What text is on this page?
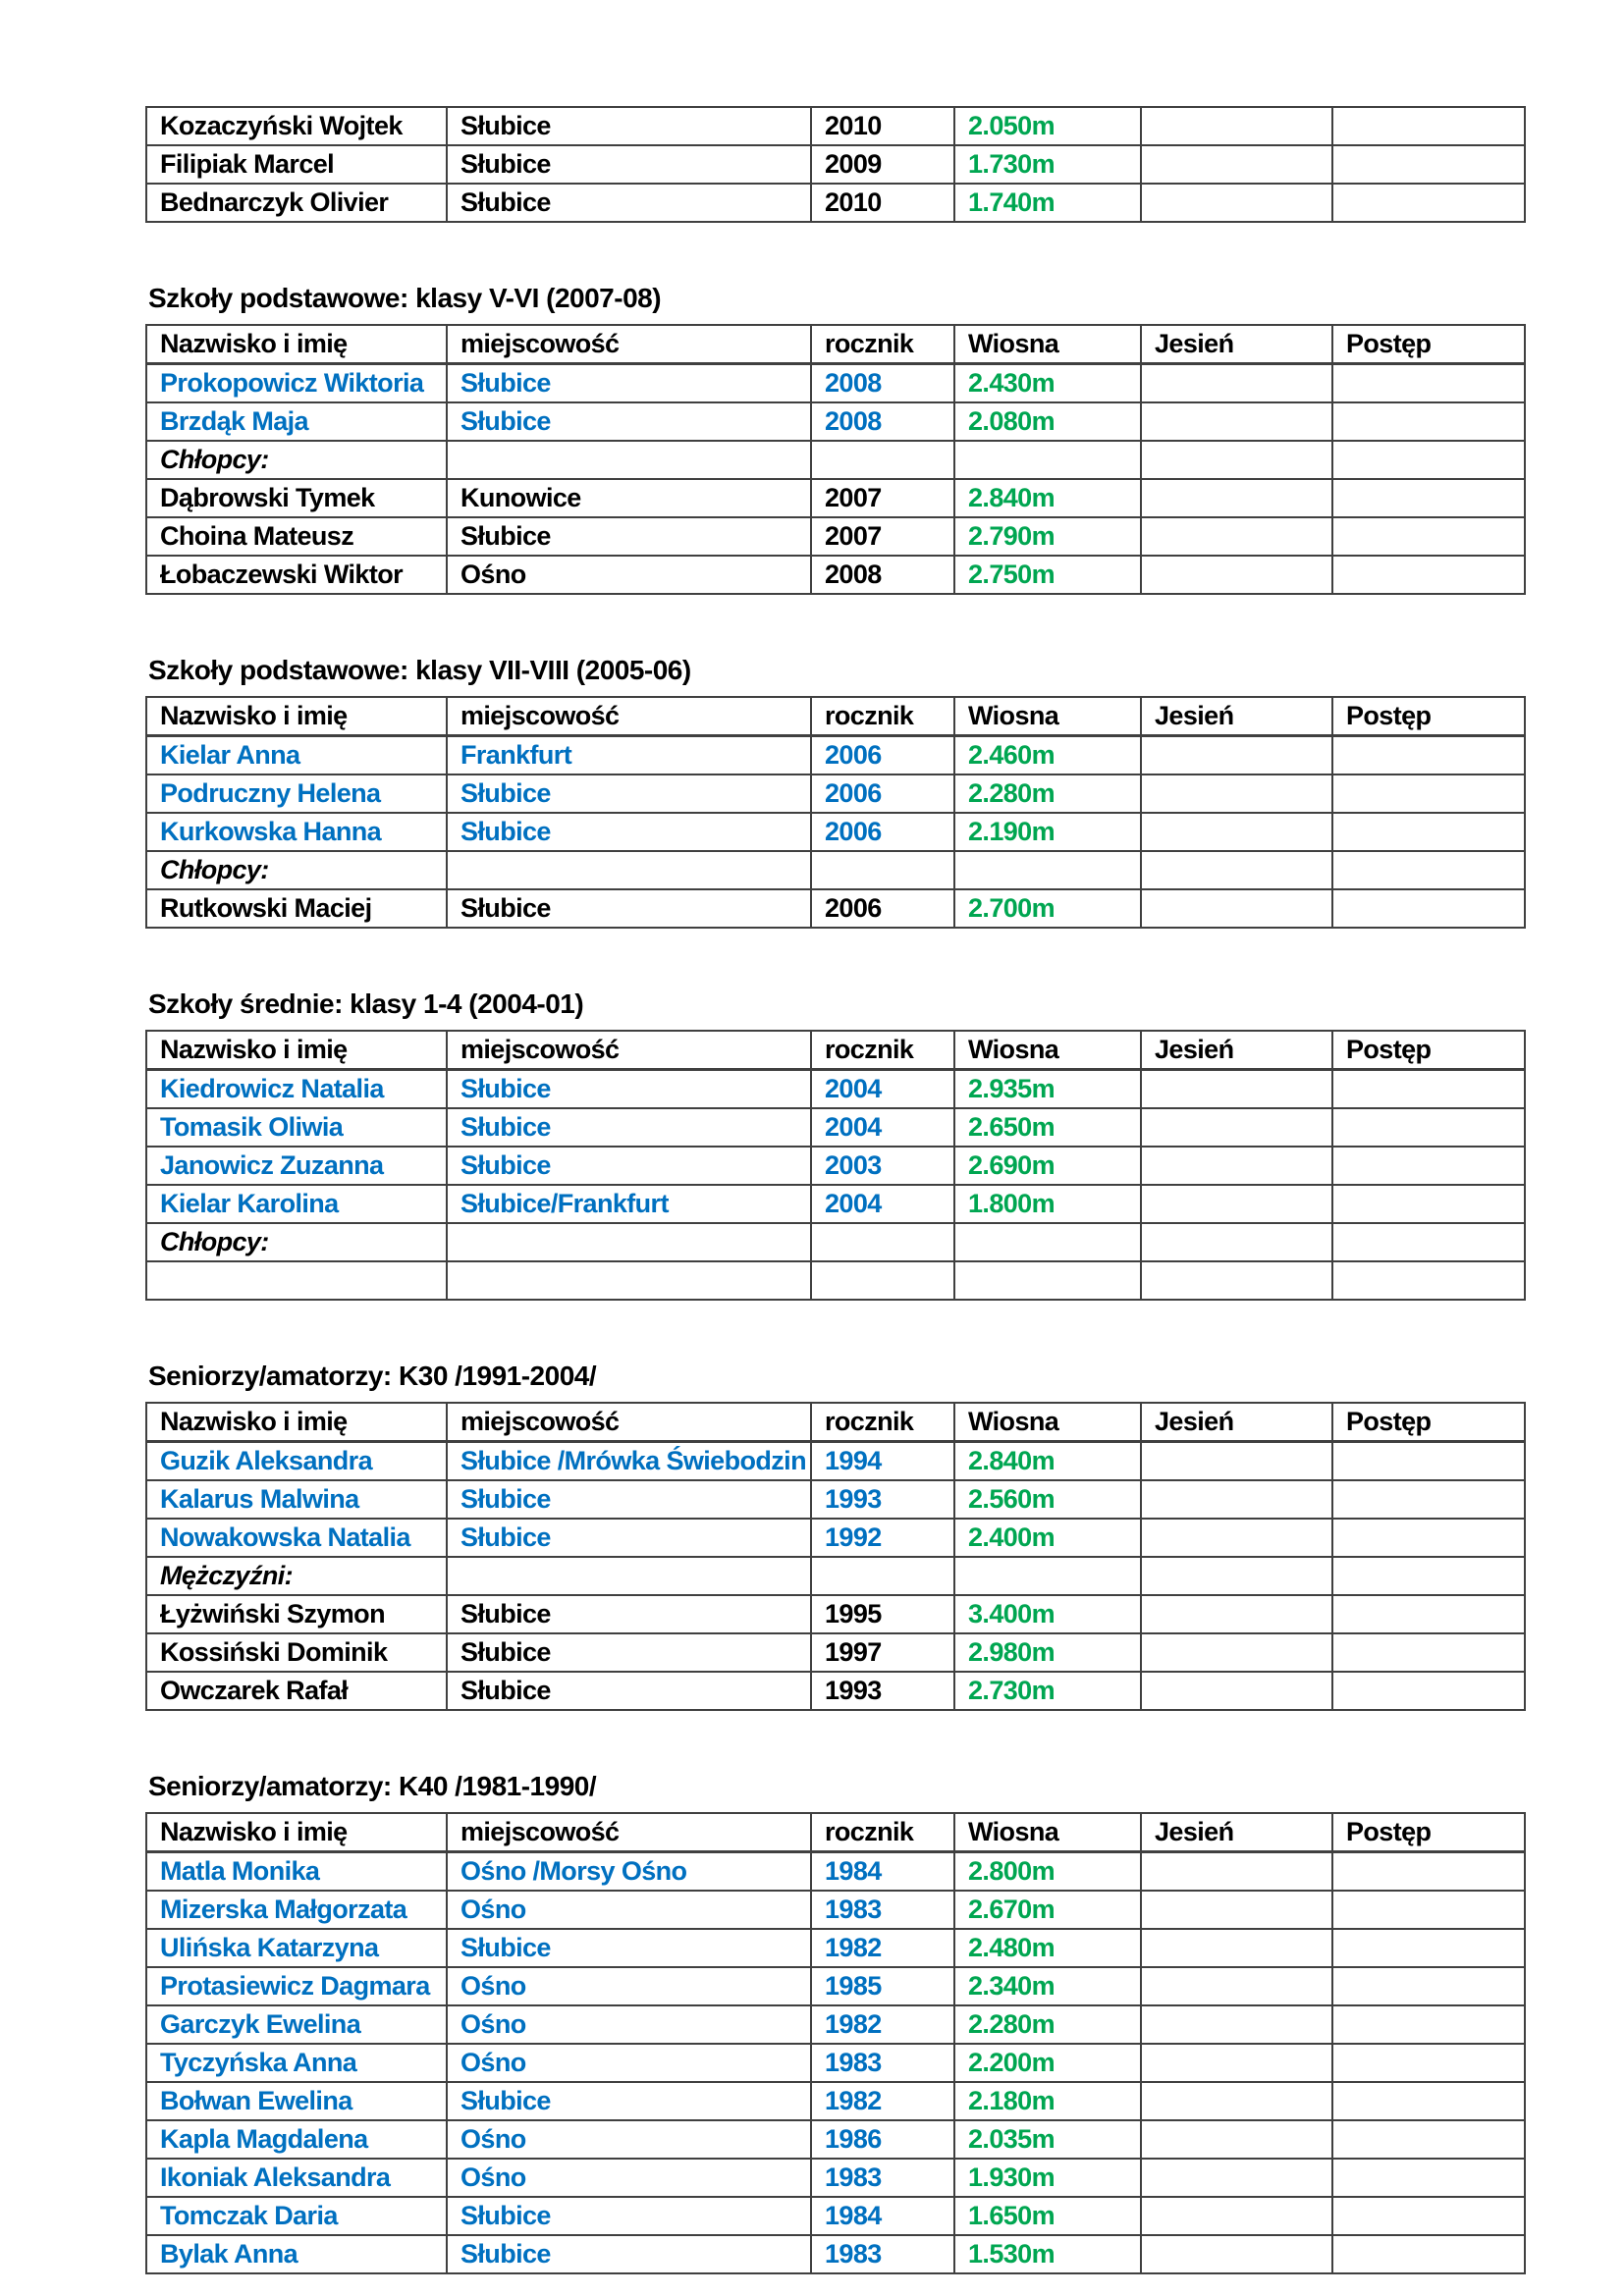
Kozaczyński Wojtek	Słubice	2010	2.050m		
Filipiak Marcel	Słubice	2009	1.730m		
Bednarczyk Olivier	Słubice	2010	1.740m		
Szkoły podstawowe: klasy V-VI (2007-08)
Nazwisko i imię	miejscowość	rocznik	Wiosna	Jesień	Postęp
Prokopowicz Wiktoria	Słubice	2008	2.430m		
Brzdąk Maja	Słubice	2008	2.080m		
Chłopcy:					
Dąbrowski Tymek	Kunowice	2007	2.840m		
Choina Mateusz	Słubice	2007	2.790m		
Łobaczewski Wiktor	Ośno	2008	2.750m		
Szkoły podstawowe: klasy VII-VIII (2005-06)
Nazwisko i imię	miejscowość	rocznik	Wiosna	Jesień	Postęp
Kielar Anna	Frankfurt	2006	2.460m		
Podruczny Helena	Słubice	2006	2.280m		
Kurkowska Hanna	Słubice	2006	2.190m		
Chłopcy:					
Rutkowski Maciej	Słubice	2006	2.700m		
Szkoły średnie: klasy 1-4 (2004-01)
Nazwisko i imię	miejscowość	rocznik	Wiosna	Jesień	Postęp
Kiedrowicz Natalia	Słubice	2004	2.935m		
Tomasik Oliwia	Słubice	2004	2.650m		
Janowicz Zuzanna	Słubice	2003	2.690m		
Kielar Karolina	Słubice/Frankfurt	2004	1.800m		
Chłopcy:					

Seniorzy/amatorzy: K30 /1991-2004/
Nazwisko i imię	miejscowość	rocznik	Wiosna	Jesień	Postęp
Guzik Aleksandra	Słubice /Mrówka Świebodzin	1994	2.840m		
Kalarus Malwina	Słubice	1993	2.560m		
Nowakowska Natalia	Słubice	1992	2.400m		
Mężczyźni:					
Łyżwiński Szymon	Słubice	1995	3.400m		
Kossiński Dominik	Słubice	1997	2.980m		
Owczarek Rafał	Słubice	1993	2.730m		
Seniorzy/amatorzy: K40 /1981-1990/
Nazwisko i imię	miejscowość	rocznik	Wiosna	Jesień	Postęp
Matla Monika	Ośno /Morsy Ośno	1984	2.800m		
Mizerska Małgorzata	Ośno	1983	2.670m		
Ulińska Katarzyna	Słubice	1982	2.480m		
Protasiewicz Dagmara	Ośno	1985	2.340m		
Garczyk Ewelina	Ośno	1982	2.280m		
Tyczyńska Anna	Ośno	1983	2.200m		
Bołwan Ewelina	Słubice	1982	2.180m		
Kapla Magdalena	Ośno	1986	2.035m		
Ikoniak Aleksandra	Ośno	1983	1.930m		
Tomczak Daria	Słubice	1984	1.650m		
Bylak Anna	Słubice	1983	1.530m		
